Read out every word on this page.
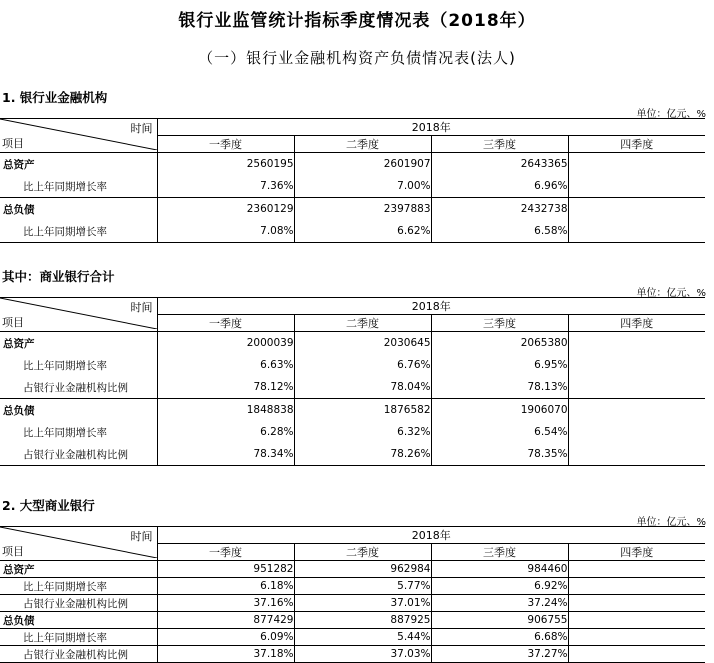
银行业监管统计指标季度情况表（2018年）
（一）银行业金融机构资产负债情况表(法人)
1. 银行业金融机构
单位：亿元、%
时间
项目	2018年			
	一季度	二季度	三季度	四季度
总资产	2560195	2601907	2643365	
比上年同期增长率	7.36%	7.00%	6.96%	
总负债	2360129	2397883	2432738	
比上年同期增长率	7.08%	6.62%	6.58%	
其中：商业银行合计
单位：亿元、%
时间
项目	2018年			
	一季度	二季度	三季度	四季度
总资产	2000039	2030645	2065380	
比上年同期增长率	6.63%	6.76%	6.95%	
占银行业金融机构比例	78.12%	78.04%	78.13%	
总负债	1848838	1876582	1906070	
比上年同期增长率	6.28%	6.32%	6.54%	
占银行业金融机构比例	78.34%	78.26%	78.35%	
2. 大型商业银行
单位：亿元、%
时间
项目	2018年			
	一季度	二季度	三季度	四季度
总资产	951282	962984	984460	
比上年同期增长率	6.18%	5.77%	6.92%	
占银行业金融机构比例	37.16%	37.01%	37.24%	
总负债	877429	887925	906755	
比上年同期增长率	6.09%	5.44%	6.68%	
占银行业金融机构比例	37.18%	37.03%	37.27%	
